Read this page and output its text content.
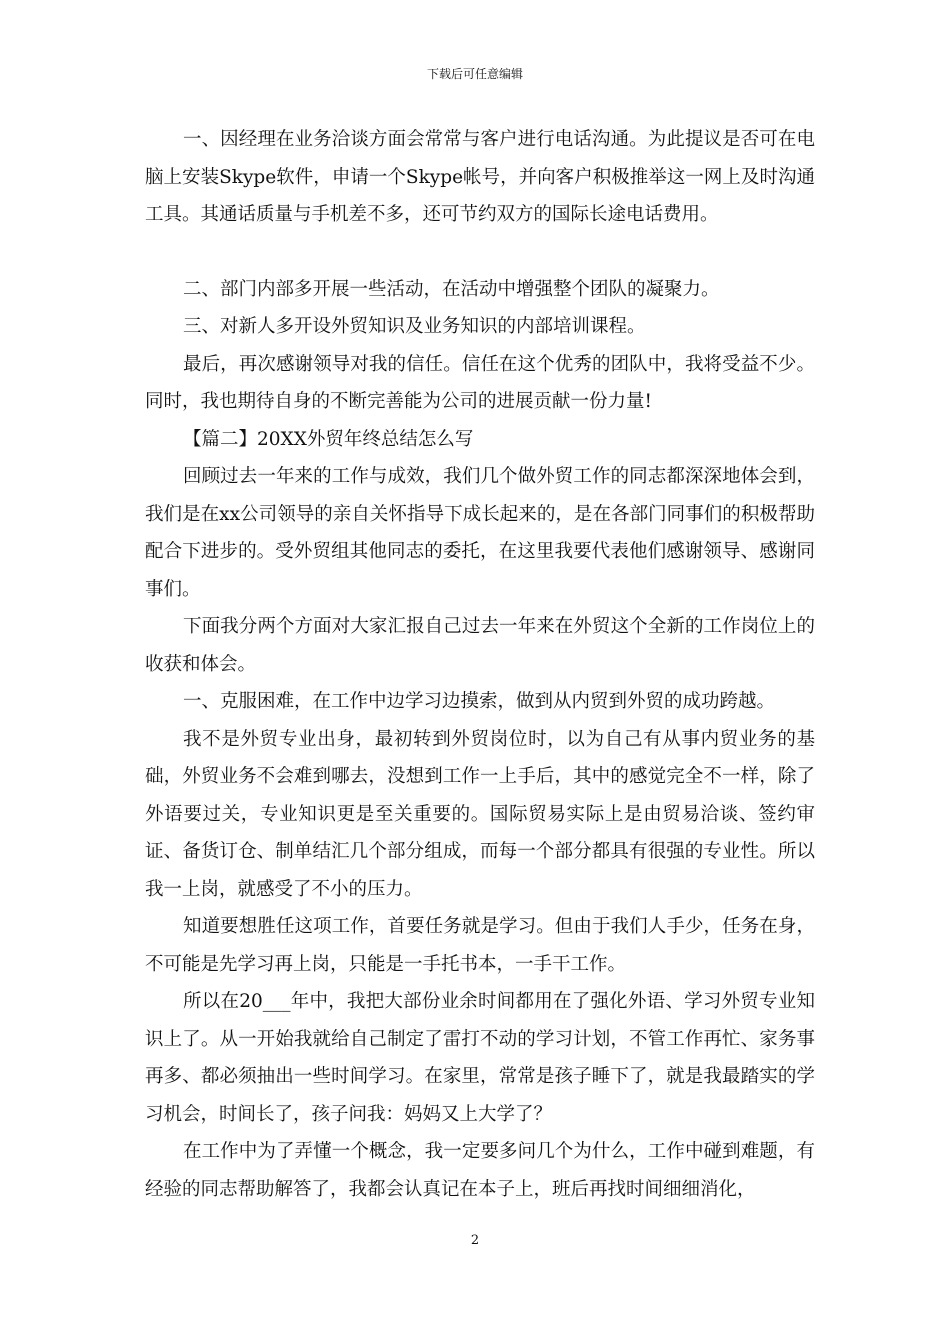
下载后可任意编辑

一、因经理在业务洽谈方面会常常与客户进行电话沟通。为此提议是否可在电脑上安装Skype软件，申请一个Skype帐号，并向客户积极推举这一网上及时沟通工具。其通话质量与手机差不多，还可节约双方的国际长途电话费用。

二、部门内部多开展一些活动，在活动中增强整个团队的凝聚力。

三、对新人多开设外贸知识及业务知识的内部培训课程。

最后，再次感谢领导对我的信任。信任在这个优秀的团队中，我将受益不少。同时，我也期待自身的不断完善能为公司的进展贡献一份力量!

【篇二】20XX外贸年终总结怎么写

回顾过去一年来的工作与成效，我们几个做外贸工作的同志都深深地体会到，我们是在xx公司领导的亲自关怀指导下成长起来的，是在各部门同事们的积极帮助配合下进步的。受外贸组其他同志的委托，在这里我要代表他们感谢领导、感谢同事们。

下面我分两个方面对大家汇报自己过去一年来在外贸这个全新的工作岗位上的收获和体会。

一、克服困难，在工作中边学习边摸索，做到从内贸到外贸的成功跨越。

我不是外贸专业出身，最初转到外贸岗位时，以为自己有从事内贸业务的基础，外贸业务不会难到哪去，没想到工作一上手后，其中的感觉完全不一样，除了外语要过关，专业知识更是至关重要的。国际贸易实际上是由贸易洽谈、签约审证、备货订仓、制单结汇几个部分组成，而每一个部分都具有很强的专业性。所以我一上岗，就感受了不小的压力。

知道要想胜任这项工作，首要任务就是学习。但由于我们人手少，任务在身，不可能是先学习再上岗，只能是一手托书本，一手干工作。

所以在20___年中，我把大部份业余时间都用在了强化外语、学习外贸专业知识上了。从一开始我就给自己制定了雷打不动的学习计划，不管工作再忙、家务事再多、都必须抽出一些时间学习。在家里，常常是孩子睡下了，就是我最踏实的学习机会，时间长了，孩子问我：妈妈又上大学了？

在工作中为了弄懂一个概念，我一定要多问几个为什么，工作中碰到难题，有经验的同志帮助解答了，我都会认真记在本子上，班后再找时间细细消化，

2
